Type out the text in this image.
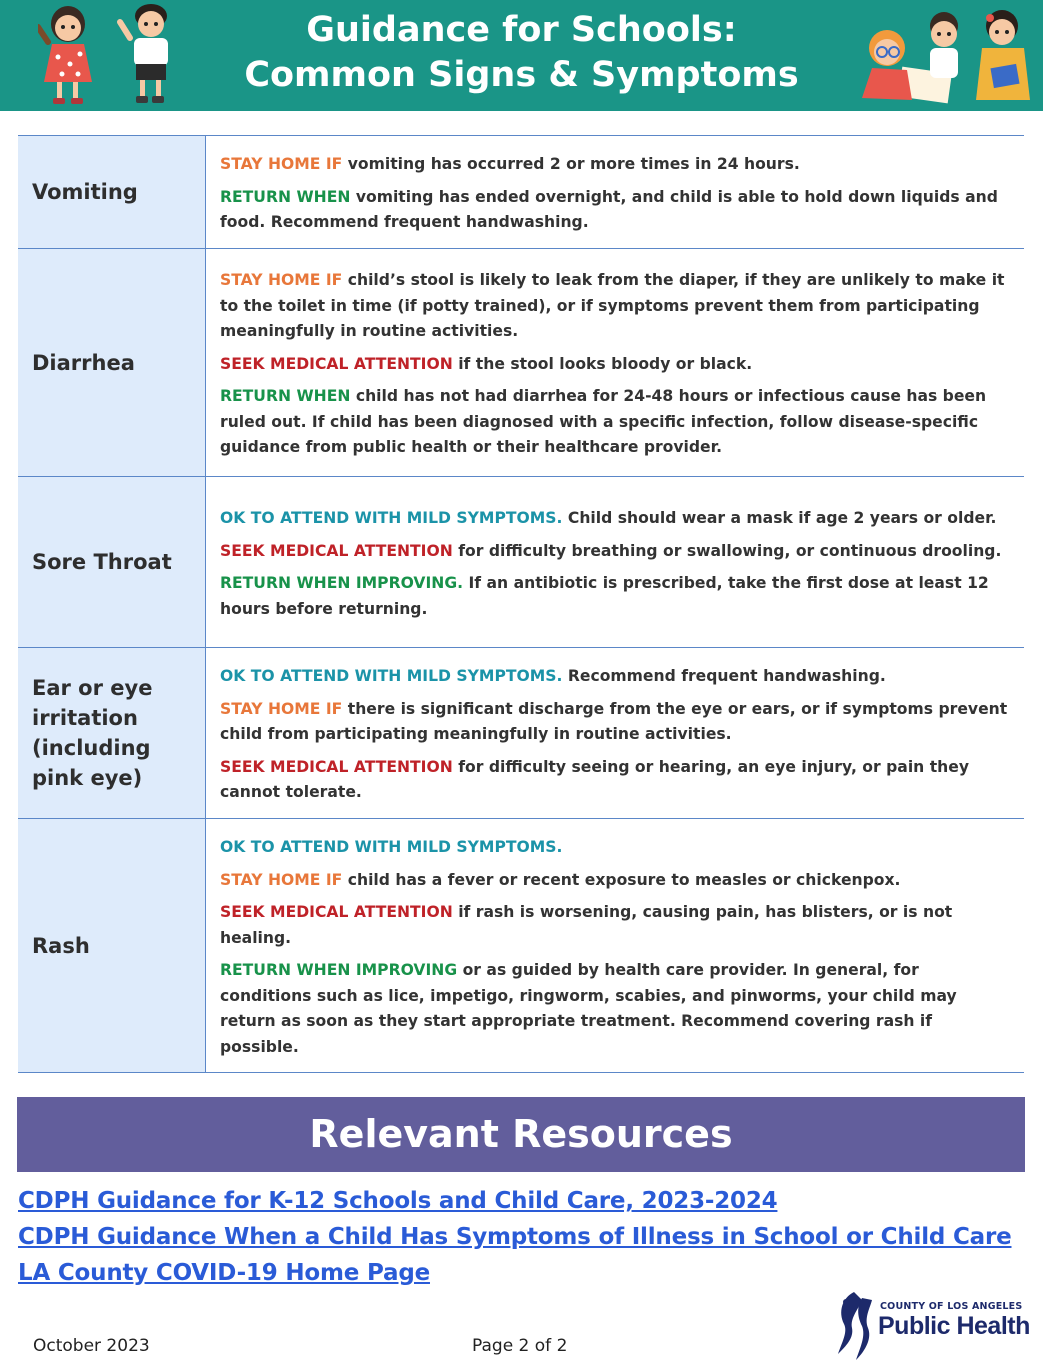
Guidance for Schools:
Common Signs & Symptoms
Vomiting
STAY HOME IF vomiting has occurred 2 or more times in 24 hours.
RETURN WHEN vomiting has ended overnight, and child is able to hold down liquids and food. Recommend frequent handwashing.
Diarrhea
STAY HOME IF child’s stool is likely to leak from the diaper, if they are unlikely to make it to the toilet in time (if potty trained), or if symptoms prevent them from participating meaningfully in routine activities.
SEEK MEDICAL ATTENTION if the stool looks bloody or black.
RETURN WHEN child has not had diarrhea for 24-48 hours or infectious cause has been ruled out. If child has been diagnosed with a specific infection, follow disease-specific guidance from public health or their healthcare provider.
Sore Throat
OK TO ATTEND WITH MILD SYMPTOMS. Child should wear a mask if age 2 years or older.
SEEK MEDICAL ATTENTION for difficulty breathing or swallowing, or continuous drooling.
RETURN WHEN IMPROVING. If an antibiotic is prescribed, take the first dose at least 12 hours before returning.
Ear or eye irritation (including pink eye)
OK TO ATTEND WITH MILD SYMPTOMS. Recommend frequent handwashing.
STAY HOME IF there is significant discharge from the eye or ears, or if symptoms prevent child from participating meaningfully in routine activities.
SEEK MEDICAL ATTENTION for difficulty seeing or hearing, an eye injury, or pain they cannot tolerate.
Rash
OK TO ATTEND WITH MILD SYMPTOMS.
STAY HOME IF child has a fever or recent exposure to measles or chickenpox.
SEEK MEDICAL ATTENTION if rash is worsening, causing pain, has blisters, or is not healing.
RETURN WHEN IMPROVING or as guided by health care provider. In general, for conditions such as lice, impetigo, ringworm, scabies, and pinworms, your child may return as soon as they start appropriate treatment. Recommend covering rash if possible.
Relevant Resources
CDPH Guidance for K-12 Schools and Child Care, 2023-2024
CDPH Guidance When a Child Has Symptoms of Illness in School or Child Care
LA County COVID-19 Home Page
October 2023	Page 2 of 2
COUNTY OF LOS ANGELES
Public Health
